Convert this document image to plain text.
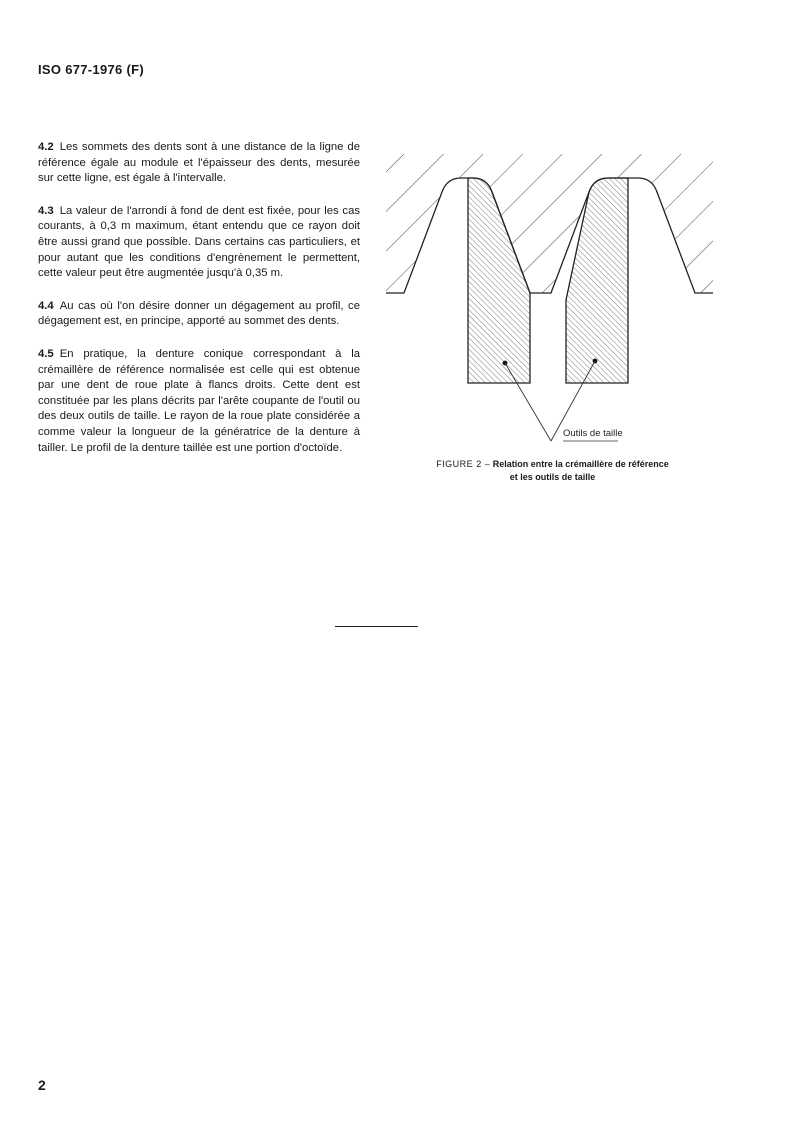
ISO 677-1976 (F)

4.2 Les sommets des dents sont à une distance de la ligne de référence égale au module et l'épaisseur des dents, mesurée sur cette ligne, est égale à l'intervalle.

4.3 La valeur de l'arrondi à fond de dent est fixée, pour les cas courants, à 0,3 m maximum, étant entendu que ce rayon doit être aussi grand que possible. Dans certains cas particuliers, et pour autant que les conditions d'engrènement le permettent, cette valeur peut être augmentée jusqu'à 0,35 m.

4.4 Au cas où l'on désire donner un dégagement au profil, ce dégagement est, en principe, apporté au sommet des dents.

4.5 En pratique, la denture conique correspondant à la crémaillère de référence normalisée est celle qui est obtenue par une dent de roue plate à flancs droits. Cette dent est constituée par les plans décrits par l'arête coupante de l'outil ou des deux outils de taille. Le rayon de la roue plate considérée a comme valeur la longueur de la génératrice de la denture à tailler. Le profil de la denture taillée est une portion d'octoïde.

Outils de taille
FIGURE 2 – Relation entre la crémaillère de référence
et les outils de taille
2
